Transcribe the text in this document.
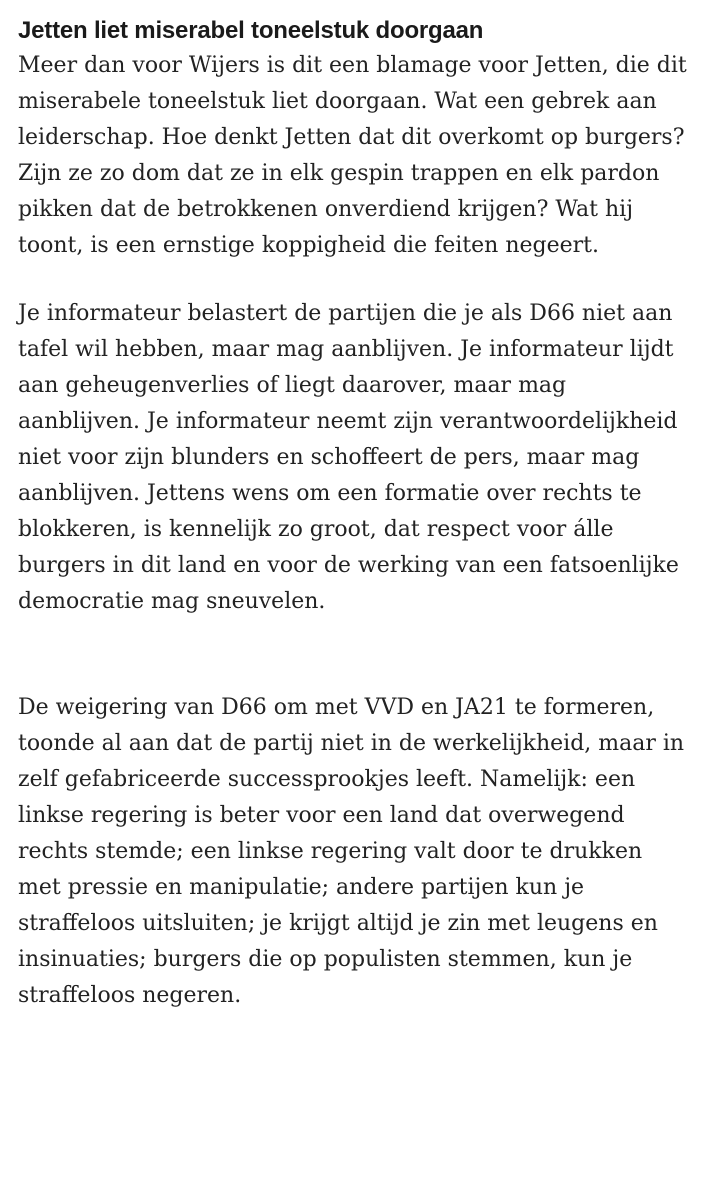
Jetten liet miserabel toneelstuk doorgaan

Meer dan voor Wijers is dit een blamage voor Jetten, die dit miserabele toneelstuk liet doorgaan. Wat een gebrek aan leiderschap. Hoe denkt Jetten dat dit overkomt op burgers? Zijn ze zo dom dat ze in elk gespin trappen en elk pardon pikken dat de betrokkenen onverdiend krijgen? Wat hij toont, is een ernstige koppigheid die feiten negeert.

Je informateur belastert de partijen die je als D66 niet aan tafel wil hebben, maar mag aanblijven. Je informateur lijdt aan geheugenverlies of liegt daarover, maar mag aanblijven. Je informateur neemt zijn verantwoordelijkheid niet voor zijn blunders en schoffeert de pers, maar mag aanblijven. Jettens wens om een formatie over rechts te blokkeren, is kennelijk zo groot, dat respect voor álle burgers in dit land en voor de werking van een fatsoenlijke democratie mag sneuvelen.

De weigering van D66 om met VVD en JA21 te formeren, toonde al aan dat de partij niet in de werkelijkheid, maar in zelf gefabriceerde successprookjes leeft. Namelijk: een linkse regering is beter voor een land dat overwegend rechts stemde; een linkse regering valt door te drukken met pressie en manipulatie; andere partijen kun je straffeloos uitsluiten; je krijgt altijd je zin met leugens en insinuaties; burgers die op populisten stemmen, kun je straffeloos negeren.
